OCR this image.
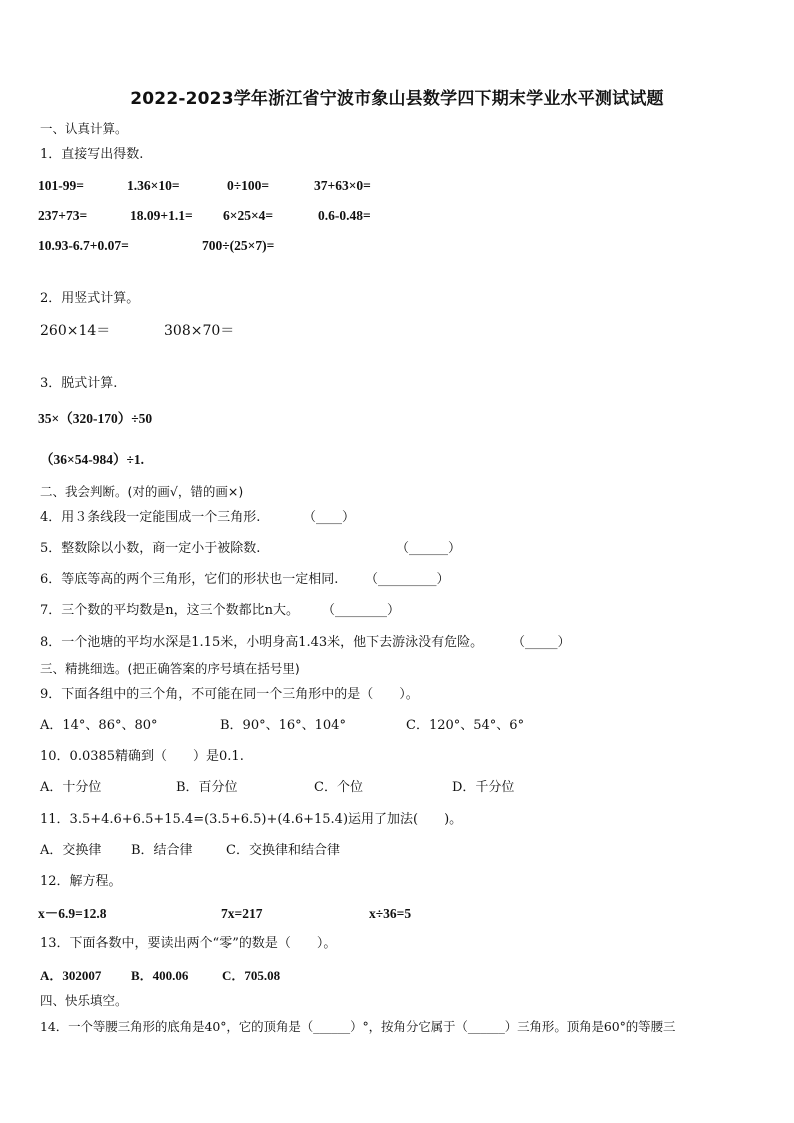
2022-2023学年浙江省宁波市象山县数学四下期末学业水平测试试题
一、认真计算。
1．直接写出得数.
101-99=	1.36×10=	0÷100=	37+63×0=
237+73=	18.09+1.1= 6×25×4=	0.6-0.48=
10.93-6.7+0.07=	700÷(25×7)=
2．用竖式计算。
260×14＝	308×70＝
3．脱式计算.
35×（320-170）÷50
（36×54-984）÷1.
二、我会判断。(对的画√，错的画×)
4．用３条线段一定能围成一个三角形.	（____）
5．整数除以小数，商一定小于被除数.	（______）
6．等底等高的两个三角形，它们的形状也一定相同. （_________）
7．三个数的平均数是n，这三个数都比n大。 （________）
8．一个池塘的平均水深是1.15米，小明身高1.43米，他下去游泳没有危险。 （_____）
三、精挑细选。(把正确答案的序号填在括号里)
9．下面各组中的三个角，不可能在同一个三角形中的是（　　）。
A．14°、86°、80°	B．90°、16°、104°	C．120°、54°、6°
10．0.0385精确到（　　）是0.1.
A．十分位	B．百分位	C．个位	D．千分位
11．3.5+4.6+6.5+15.4=(3.5+6.5)+(4.6+15.4)运用了加法(　　)。
A．交换律 B．结合律	C．交换律和结合律
12．解方程。
x－6.9=12.8	7x=217	x÷36=5
13．下面各数中，要读出两个“零”的数是（　　）。
A．302007 B．400.06	C．705.08
四、快乐填空。
14．一个等腰三角形的底角是40°，它的顶角是（______）°，按角分它属于（______）三角形。顶角是60°的等腰三
